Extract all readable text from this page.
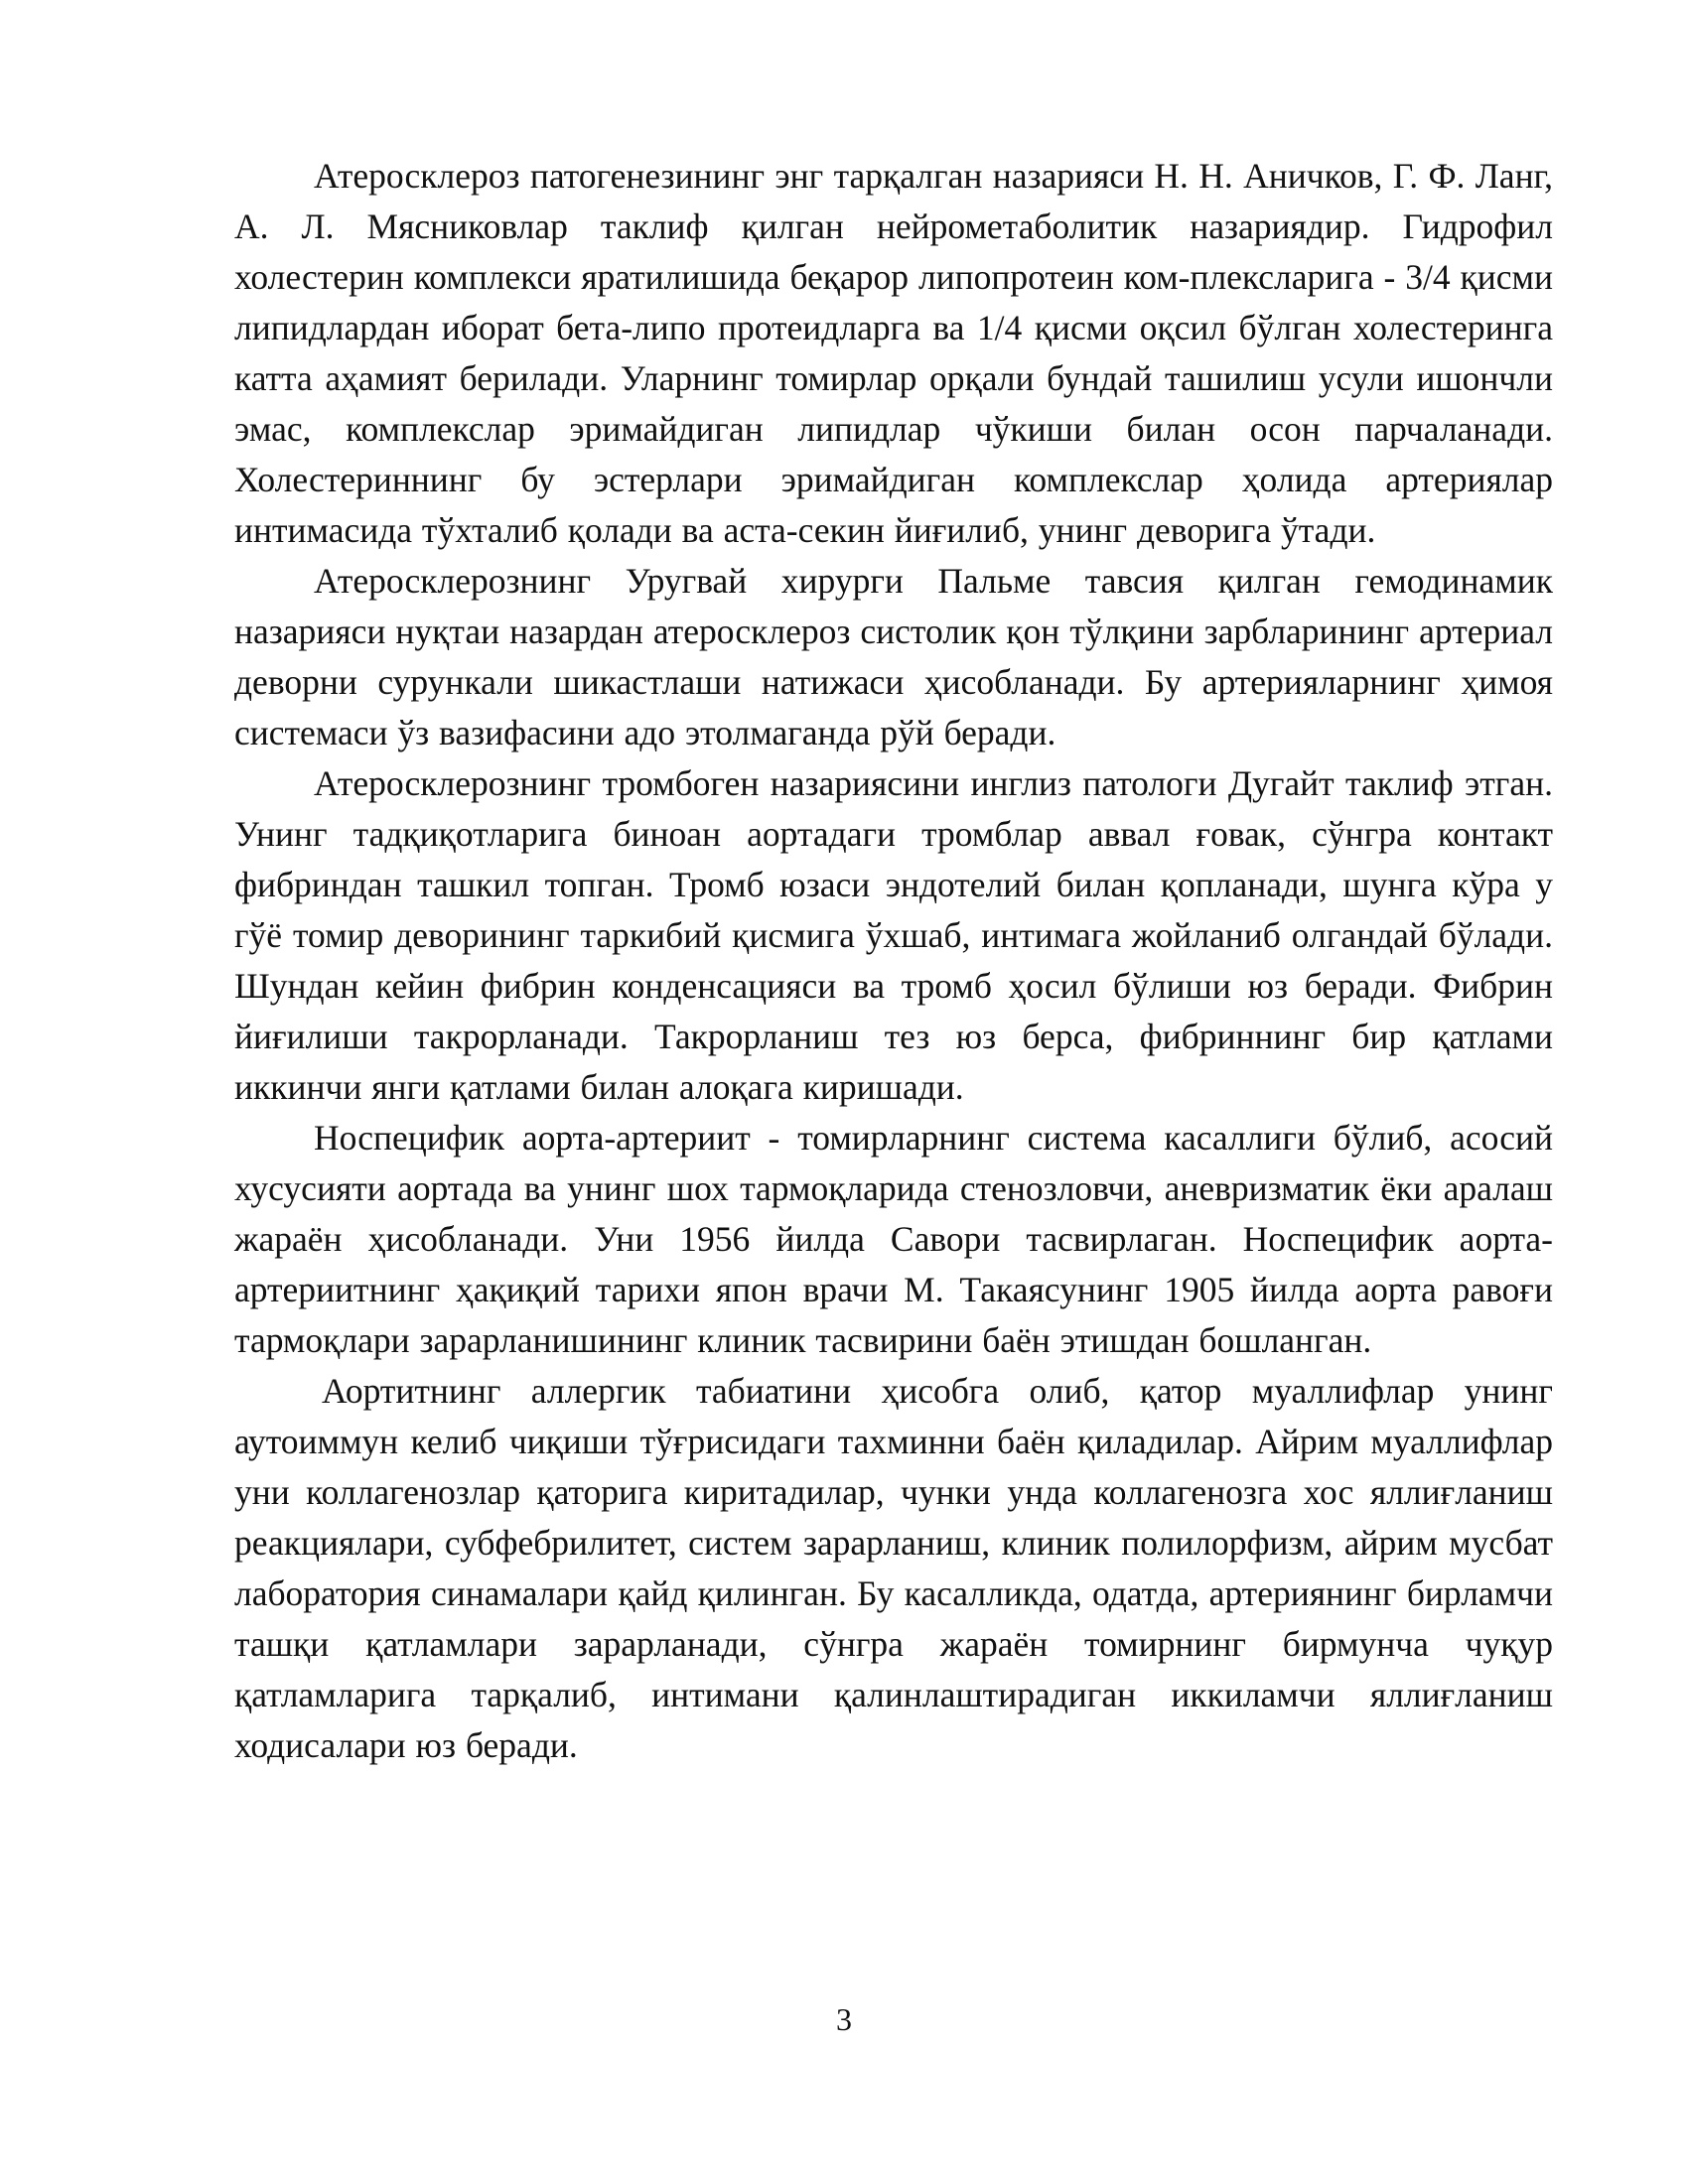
Атеросклероз патогенезининг энг тарқалган назарияси Н. Н. Аничков, Г. Ф. Ланг, А. Л. Мясниковлар таклиф қилган нейрометаболитик назариядир. Гидрофил холестерин комплекси яратилишида беқарор липопротеин ком-плексларига - 3/4 қисми липидлардан иборат бета-липо протеидларга ва 1/4 қисми оқсил бўлган холестеринга катта аҳамият берилади. Уларнинг томирлар орқали бундай ташилиш усули ишончли эмас, комплекслар эримайдиган липидлар чўкиши билан осон парчаланади. Холестериннинг бу эстерлари эримайдиган комплекслар ҳолида артериялар интимасида тўхталиб қолади ва аста-секин йиғилиб, унинг деворига ўтади.

Атеросклерознинг Уругвай хирурги Пальме тавсия қилган гемодинамик назарияси нуқтаи назардан атеросклероз систолик қон тўлқини зарбларининг артериал деворни сурункали шикастлаши натижаси ҳисобланади. Бу артерияларнинг ҳимоя системаси ўз вазифасини адо этолмаганда рўй беради.

Атеросклерознинг тромбоген назариясини инглиз патологи Дугайт таклиф этган. Унинг тадқиқотларига биноан аортадаги тромблар аввал ғовак, сўнгра контакт фибриндан ташкил топган. Тромб юзаси эндотелий билан қопланади, шунга кўра у гўё томир деворининг таркибий қисмига ўхшаб, интимага жойланиб олгандай бўлади. Шундан кейин фибрин конденсацияси ва тромб ҳосил бўлиши юз беради. Фибрин йиғилиши такрорланади. Такрорланиш тез юз берса, фибриннинг бир қатлами иккинчи янги қатлами билан алоқага киришади.

Носпецифик аорта-артериит - томирларнинг система касаллиги бўлиб, асосий хусусияти аортада ва унинг шох тармоқларида стенозловчи, аневризматик ёки аралаш жараён ҳисобланади. Уни 1956 йилда Савори тасвирлаган. Носпецифик аорта-артериитнинг ҳақиқий тарихи япон врачи М. Такаясунинг 1905 йилда аорта равоғи тармоқлари зарарланишининг клиник тасвирини баён этишдан бошланган.

Аортитнинг аллергик табиатини ҳисобга олиб, қатор муаллифлар унинг аутоиммун келиб чиқиши тўғрисидаги тахминни баён қиладилар. Айрим муаллифлар уни коллагенозлар қаторига киритадилар, чунки унда коллагенозга хос яллиғланиш реакциялари, субфебрилитет, систем зарарланиш, клиник полилорфизм, айрим мусбат лаборатория синамалари қайд қилинган. Бу касалликда, одатда, артериянинг бирламчи ташқи қатламлари зарарланади, сўнгра жараён томирнинг бирмунча чуқур қатламларига тарқалиб, интимани қалинлаштирадиган иккиламчи яллиғланиш ходисалари юз беради.

3
